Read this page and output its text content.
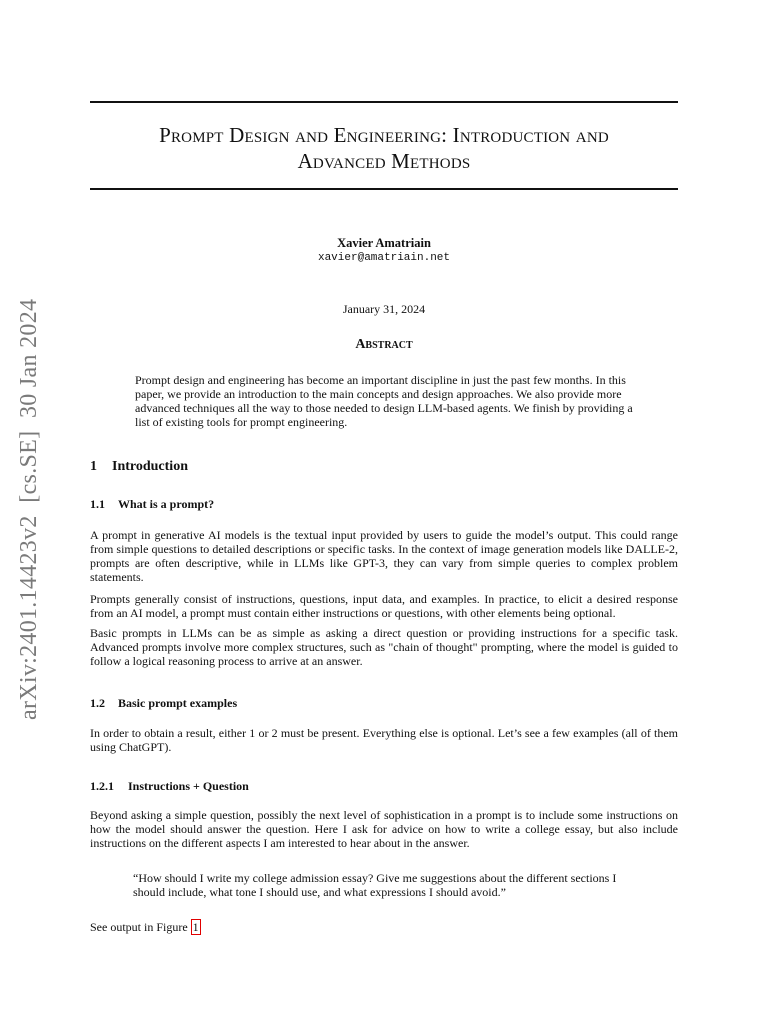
arXiv:2401.14423v2  [cs.SE]  30 Jan 2024
Prompt Design and Engineering: Introduction and
Advanced Methods
Xavier Amatriain
xavier@amatriain.net
January 31, 2024
Abstract
Prompt design and engineering has become an important discipline in just the past few months. In this paper, we provide an introduction to the main concepts and design approaches. We also provide more advanced techniques all the way to those needed to design LLM-based agents. We finish by providing a list of existing tools for prompt engineering.
1 Introduction
1.1 What is a prompt?
A prompt in generative AI models is the textual input provided by users to guide the model’s output. This could range from simple questions to detailed descriptions or specific tasks. In the context of image generation models like DALLE-2, prompts are often descriptive, while in LLMs like GPT-3, they can vary from simple queries to complex problem statements.
Prompts generally consist of instructions, questions, input data, and examples. In practice, to elicit a desired response from an AI model, a prompt must contain either instructions or questions, with other elements being optional.
Basic prompts in LLMs can be as simple as asking a direct question or providing instructions for a specific task. Advanced prompts involve more complex structures, such as "chain of thought" prompting, where the model is guided to follow a logical reasoning process to arrive at an answer.
1.2 Basic prompt examples
In order to obtain a result, either 1 or 2 must be present. Everything else is optional. Let’s see a few examples (all of them using ChatGPT).
1.2.1 Instructions + Question
Beyond asking a simple question, possibly the next level of sophistication in a prompt is to include some instructions on how the model should answer the question. Here I ask for advice on how to write a college essay, but also include instructions on the different aspects I am interested to hear about in the answer.
“How should I write my college admission essay? Give me suggestions about the different sections I should include, what tone I should use, and what expressions I should avoid.”
See output in Figure 1
